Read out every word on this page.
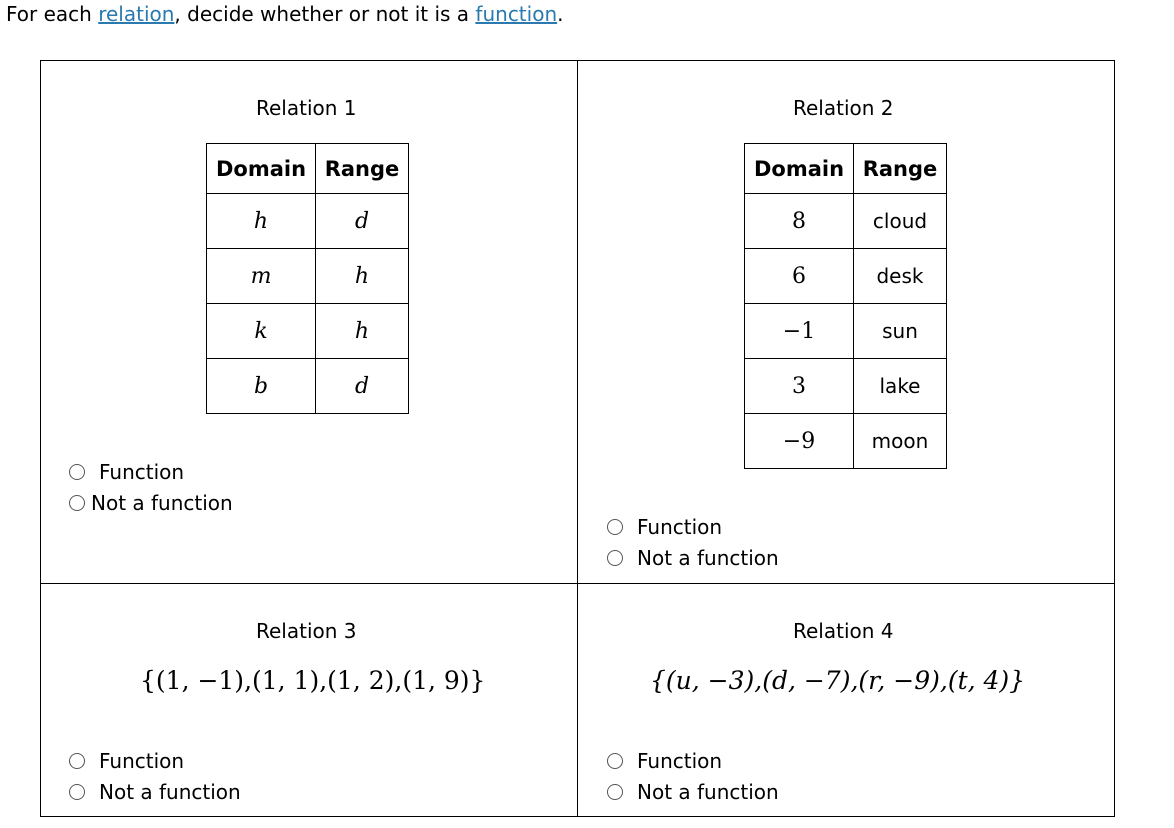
For each relation, decide whether or not it is a function.
Relation 1
Domain	Range
h	d
m	h
k	h
b	d
Function
Not a function
Relation 2
Domain	Range
8	cloud
6	desk
−1	sun
3	lake
−9	moon
Function
Not a function
Relation 3
{(1, −1),(1, 1),(1, 2),(1, 9)}
Function
Not a function
Relation 4
{(u, −3),(d, −7),(r, −9),(t, 4)}
Function
Not a function
